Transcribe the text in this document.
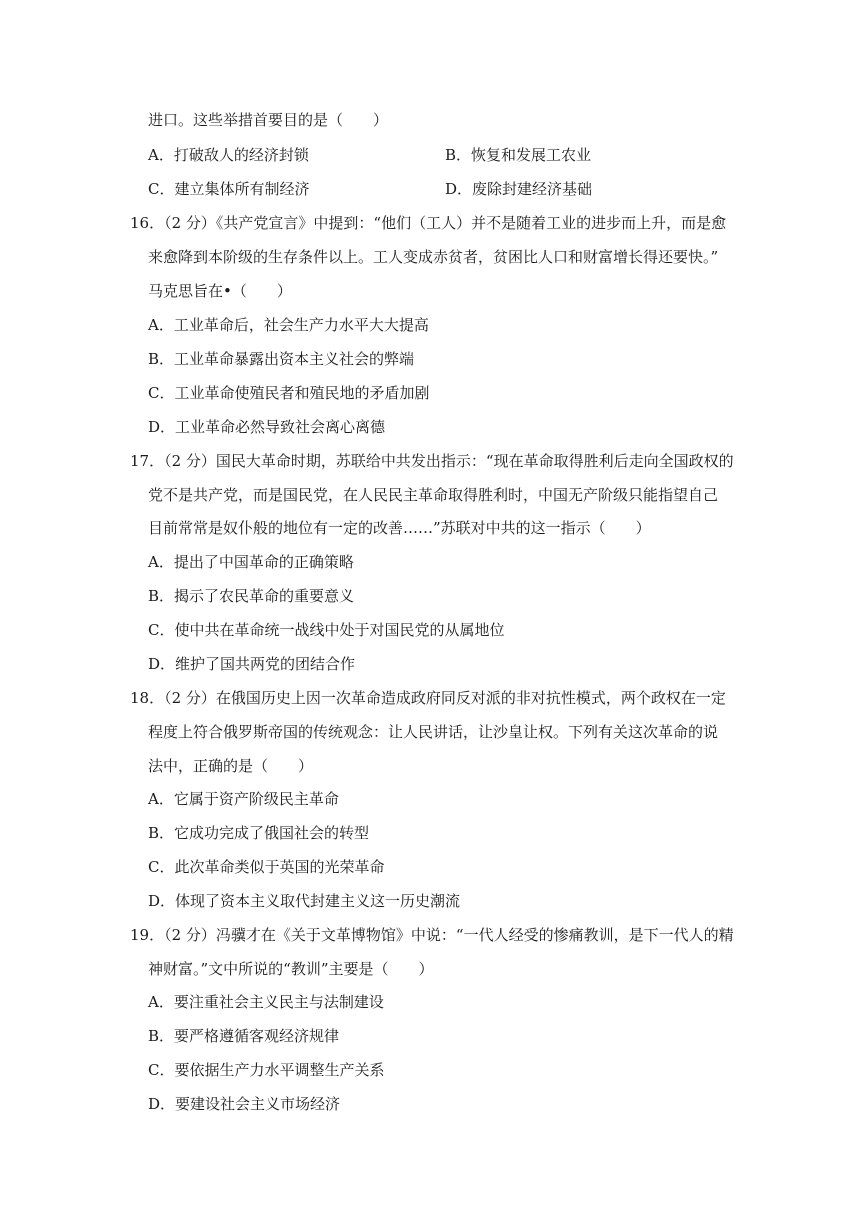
进口。这些举措首要目的是（　　）
A．打破敌人的经济封锁	B．恢复和发展工农业
C．建立集体所有制经济	D．废除封建经济基础
16．（2 分）《共产党宣言》中提到：“他们（工人）并不是随着工业的进步而上升，而是愈
来愈降到本阶级的生存条件以上。工人变成赤贫者，贫困比人口和财富增长得还要快。”
马克思旨在•（　　）
A．工业革命后，社会生产力水平大大提高
B．工业革命暴露出资本主义社会的弊端
C．工业革命使殖民者和殖民地的矛盾加剧
D．工业革命必然导致社会离心离德
17．（2 分）国民大革命时期，苏联给中共发出指示：“现在革命取得胜利后走向全国政权的
党不是共产党，而是国民党，在人民民主革命取得胜利时，中国无产阶级只能指望自己
目前常常是奴仆般的地位有一定的改善……”苏联对中共的这一指示（　　）
A．提出了中国革命的正确策略
B．揭示了农民革命的重要意义
C．使中共在革命统一战线中处于对国民党的从属地位
D．维护了国共两党的团结合作
18．（2 分）在俄国历史上因一次革命造成政府同反对派的非对抗性模式，两个政权在一定
程度上符合俄罗斯帝国的传统观念：让人民讲话，让沙皇让权。下列有关这次革命的说
法中，正确的是（　　）
A．它属于资产阶级民主革命
B．它成功完成了俄国社会的转型
C．此次革命类似于英国的光荣革命
D．体现了资本主义取代封建主义这一历史潮流
19．（2 分）冯骥才在《关于文革博物馆》中说：“一代人经受的惨痛教训，是下一代人的精
神财富。”文中所说的“教训”主要是（　　）
A．要注重社会主义民主与法制建设
B．要严格遵循客观经济规律
C．要依据生产力水平调整生产关系
D．要建设社会主义市场经济
